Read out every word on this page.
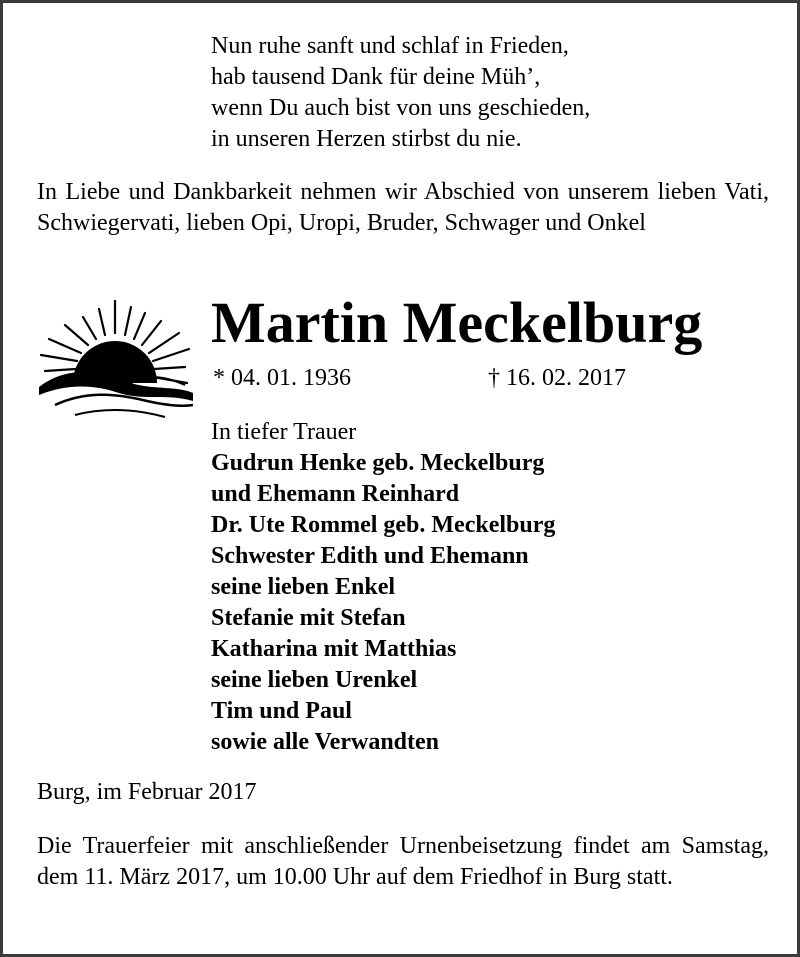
Nun ruhe sanft und schlaf in Frieden,
hab tausend Dank für deine Müh’,
wenn Du auch bist von uns geschieden,
in unseren Herzen stirbst du nie.
In Liebe und Dankbarkeit nehmen wir Abschied von unserem lieben Vati, Schwiegervati, lieben Opi, Uropi, Bruder, Schwager und Onkel
Martin Meckelburg
* 04. 01. 1936	† 16. 02. 2017
In tiefer Trauer
Gudrun Henke geb. Meckelburg
und Ehemann Reinhard
Dr. Ute Rommel geb. Meckelburg
Schwester Edith und Ehemann
seine lieben Enkel
Stefanie mit Stefan
Katharina mit Matthias
seine lieben Urenkel
Tim und Paul
sowie alle Verwandten
Burg, im Februar 2017
Die Trauerfeier mit anschließender Urnenbeisetzung findet am Samstag, dem 11. März 2017, um 10.00 Uhr auf dem Friedhof in Burg statt.
